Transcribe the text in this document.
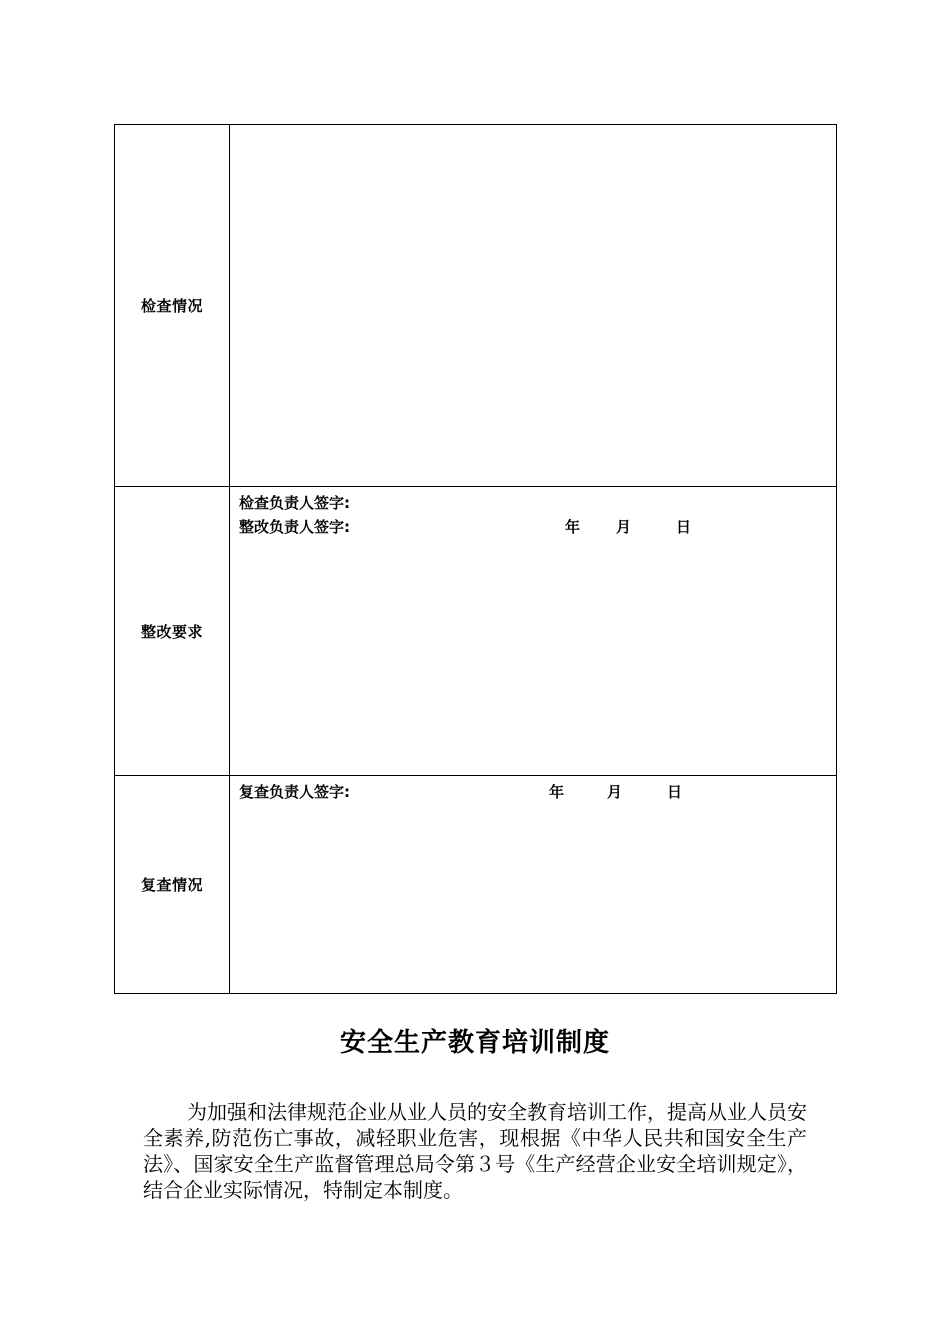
检查情况	
整改要求	检查负责人签字:
整改负责人签字: 年 月 日

复查情况	复查负责人签字: 年 月 日
安全生产教育培训制度

为加强和法律规范企业从业人员的安全教育培训工作，提高从业人员安全素养,防范伤亡事故，减轻职业危害，现根据《中华人民共和国安全生产法》、国家安全生产监督管理总局令第３号《生产经营企业安全培训规定》，结合企业实际情况，特制定本制度。
